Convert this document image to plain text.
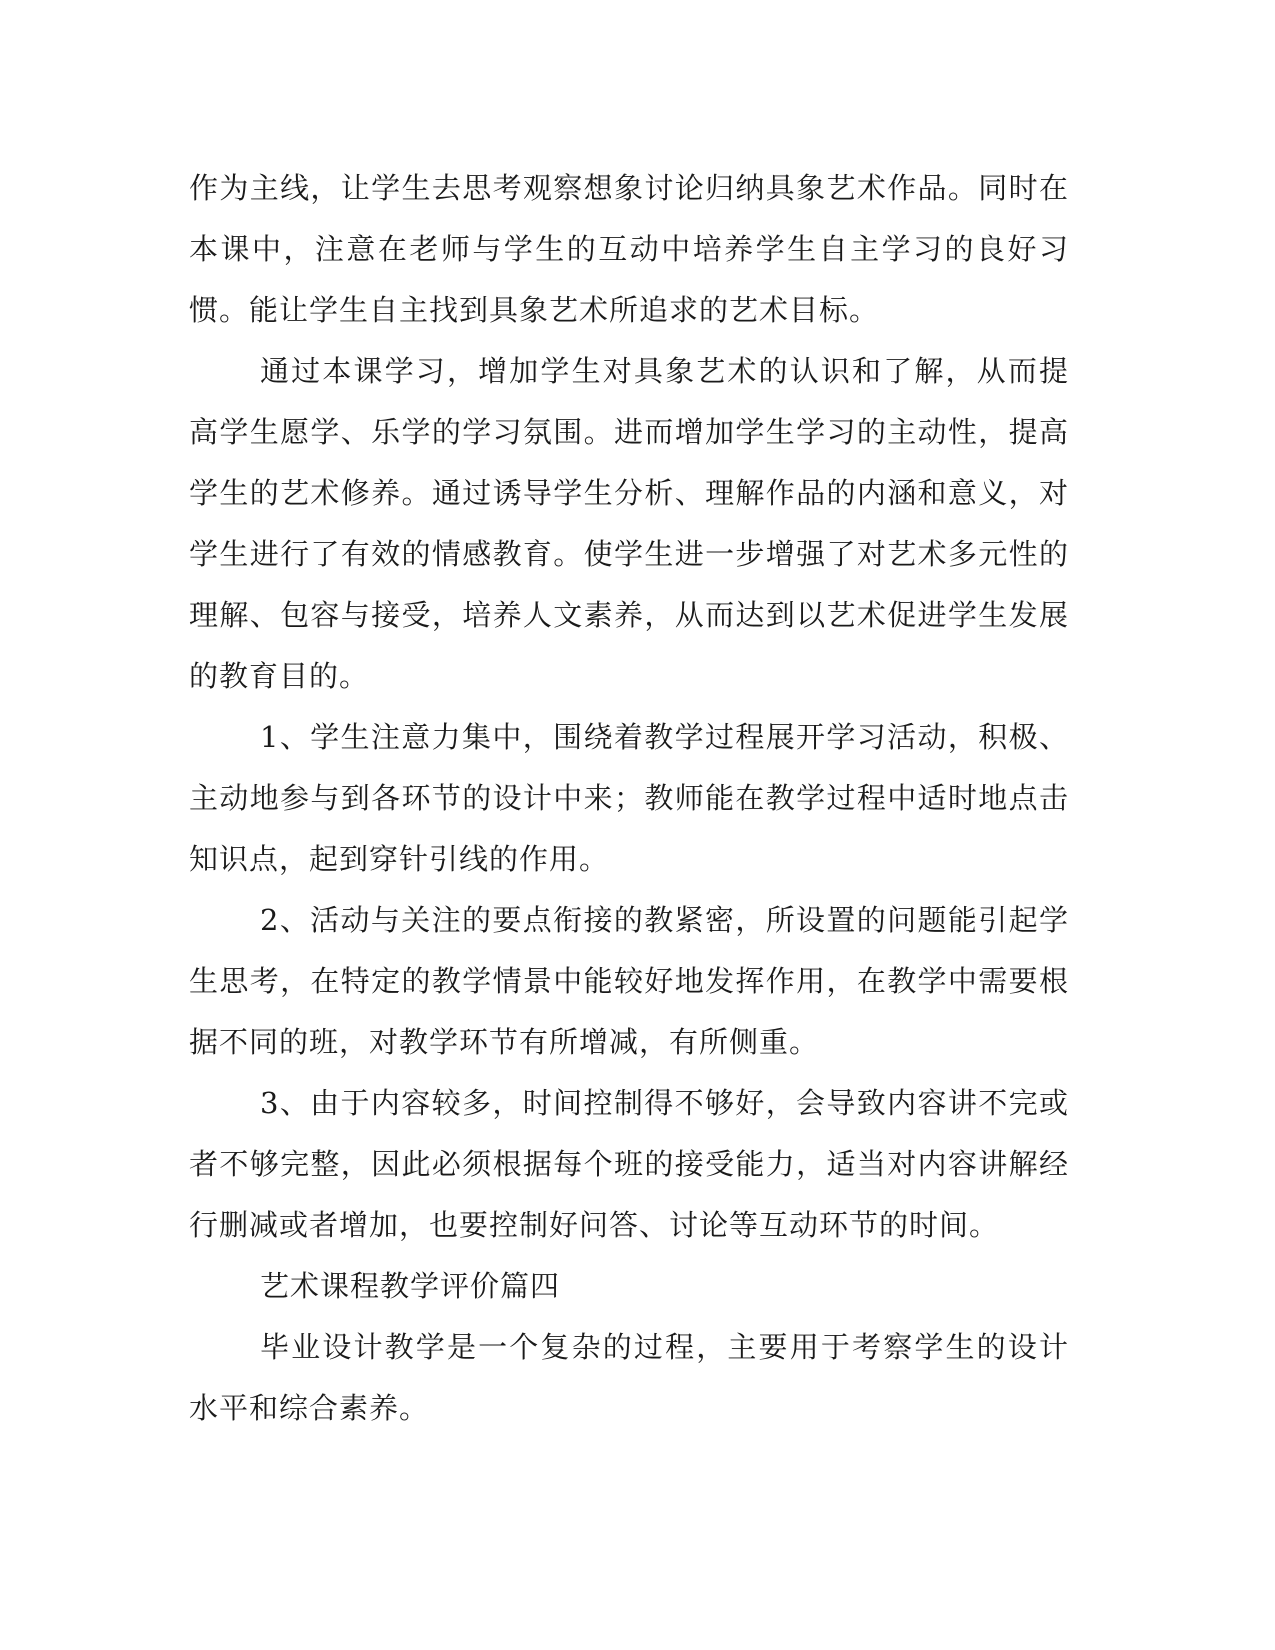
作为主线，让学生去思考观察想象讨论归纳具象艺术作品。同时在本课中，注意在老师与学生的互动中培养学生自主学习的良好习惯。能让学生自主找到具象艺术所追求的艺术目标。

通过本课学习，增加学生对具象艺术的认识和了解，从而提高学生愿学、乐学的学习氛围。进而增加学生学习的主动性，提高学生的艺术修养。通过诱导学生分析、理解作品的内涵和意义，对学生进行了有效的情感教育。使学生进一步增强了对艺术多元性的理解、包容与接受，培养人文素养，从而达到以艺术促进学生发展的教育目的。

1、学生注意力集中，围绕着教学过程展开学习活动，积极、主动地参与到各环节的设计中来；教师能在教学过程中适时地点击知识点，起到穿针引线的作用。

2、活动与关注的要点衔接的教紧密，所设置的问题能引起学生思考，在特定的教学情景中能较好地发挥作用，在教学中需要根据不同的班，对教学环节有所增减，有所侧重。

3、由于内容较多，时间控制得不够好，会导致内容讲不完或者不够完整，因此必须根据每个班的接受能力，适当对内容讲解经行删减或者增加，也要控制好问答、讨论等互动环节的时间。

艺术课程教学评价篇四

毕业设计教学是一个复杂的过程，主要用于考察学生的设计水平和综合素养。
